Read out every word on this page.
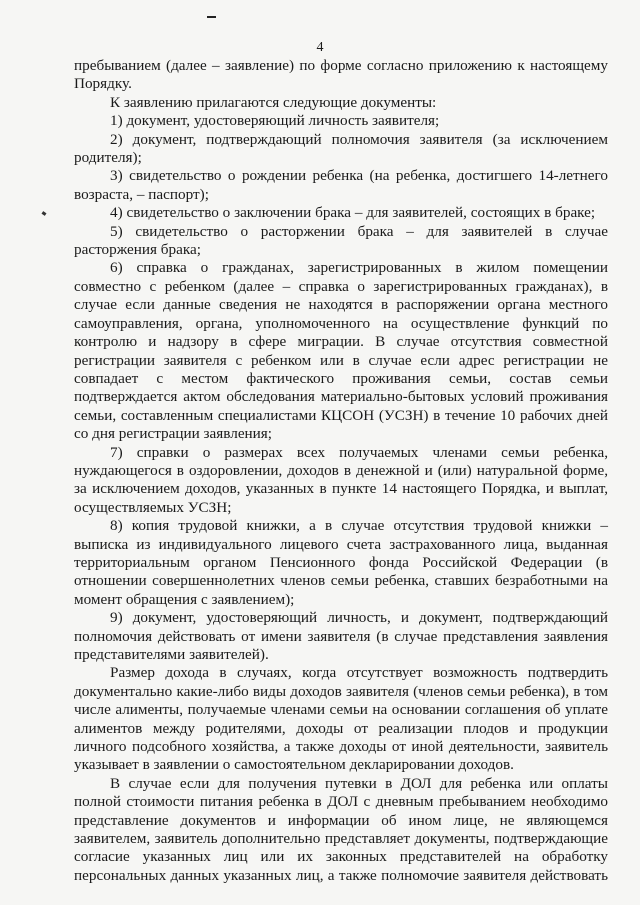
4

пребыванием (далее – заявление) по форме согласно приложению к настоящему Порядку.

К заявлению прилагаются следующие документы:

1) документ, удостоверяющий личность заявителя;

2) документ, подтверждающий полномочия заявителя (за исключением родителя);

3) свидетельство о рождении ребенка (на ребенка, достигшего 14-летнего возраста, – паспорт);

4) свидетельство о заключении брака – для заявителей, состоящих в браке;

5) свидетельство о расторжении брака – для заявителей в случае расторжения брака;

6) справка о гражданах, зарегистрированных в жилом помещении совместно с ребенком (далее – справка о зарегистрированных гражданах), в случае если данные сведения не находятся в распоряжении органа местного самоуправления, органа, уполномоченного на осуществление функций по контролю и надзору в сфере миграции. В случае отсутствия совместной регистрации заявителя с ребенком или в случае если адрес регистрации не совпадает с местом фактического проживания семьи, состав семьи подтверждается актом обследования материально-бытовых условий проживания семьи, составленным специалистами КЦСОН (УСЗН) в течение 10 рабочих дней со дня регистрации заявления;

7) справки о размерах всех получаемых членами семьи ребенка, нуждающегося в оздоровлении, доходов в денежной и (или) натуральной форме, за исключением доходов, указанных в пункте 14 настоящего Порядка, и выплат, осуществляемых УСЗН;

8) копия трудовой книжки, а в случае отсутствия трудовой книжки – выписка из индивидуального лицевого счета застрахованного лица, выданная территориальным органом Пенсионного фонда Российской Федерации (в отношении совершеннолетних членов семьи ребенка, ставших безработными на момент обращения с заявлением);

9) документ, удостоверяющий личность, и документ, подтверждающий полномочия действовать от имени заявителя (в случае представления заявления представителями заявителей).

Размер дохода в случаях, когда отсутствует возможность подтвердить документально какие-либо виды доходов заявителя (членов семьи ребенка), в том числе алименты, получаемые членами семьи на основании соглашения об уплате алиментов между родителями, доходы от реализации плодов и продукции личного подсобного хозяйства, а также доходы от иной деятельности, заявитель указывает в заявлении о самостоятельном декларировании доходов.

В случае если для получения путевки в ДОЛ для ребенка или оплаты полной стоимости питания ребенка в ДОЛ с дневным пребыванием необходимо представление документов и информации об ином лице, не являющемся заявителем, заявитель дополнительно представляет документы, подтверждающие согласие указанных лиц или их законных представителей на обработку персональных данных указанных лиц, а также полномочие заявителя действовать
